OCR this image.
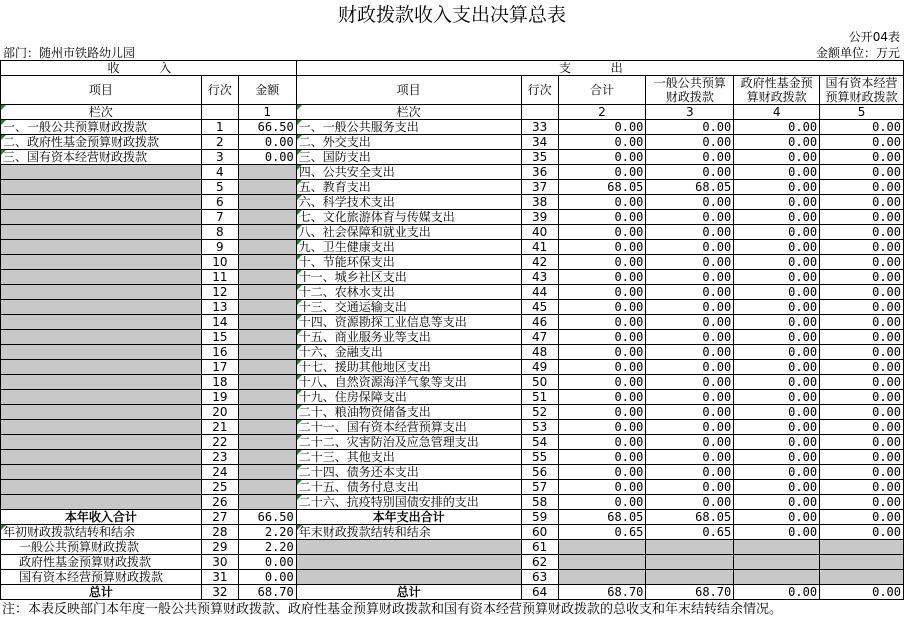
财政拨款收入支出决算总表
公开04表
部门：随州市铁路幼儿园	金额单位：万元
收 入			支 出					
项目	行次	金额	项目	行次	合计	一般公共预算财政拨款	政府性基金预算财政拨款	国有资本经营预算财政拨款
栏次		1	栏次		2	3	4	5
一、一般公共预算财政拨款	1	66.50	一、一般公共服务支出	33	0.00	0.00	0.00	0.00
二、政府性基金预算财政拨款	2	0.00	二、外交支出	34	0.00	0.00	0.00	0.00
三、国有资本经营财政拨款	3	0.00	三、国防支出	35	0.00	0.00	0.00	0.00
	4		四、公共安全支出	36	0.00	0.00	0.00	0.00
	5		五、教育支出	37	68.05	68.05	0.00	0.00
	6		六、科学技术支出	38	0.00	0.00	0.00	0.00
	7		七、文化旅游体育与传媒支出	39	0.00	0.00	0.00	0.00
	8		八、社会保障和就业支出	40	0.00	0.00	0.00	0.00
	9		九、卫生健康支出	41	0.00	0.00	0.00	0.00
	10		十、节能环保支出	42	0.00	0.00	0.00	0.00
	11		十一、城乡社区支出	43	0.00	0.00	0.00	0.00
	12		十二、农林水支出	44	0.00	0.00	0.00	0.00
	13		十三、交通运输支出	45	0.00	0.00	0.00	0.00
	14		十四、资源勘探工业信息等支出	46	0.00	0.00	0.00	0.00
	15		十五、商业服务业等支出	47	0.00	0.00	0.00	0.00
	16		十六、金融支出	48	0.00	0.00	0.00	0.00
	17		十七、援助其他地区支出	49	0.00	0.00	0.00	0.00
	18		十八、自然资源海洋气象等支出	50	0.00	0.00	0.00	0.00
	19		十九、住房保障支出	51	0.00	0.00	0.00	0.00
	20		二十、粮油物资储备支出	52	0.00	0.00	0.00	0.00
	21		二十一、国有资本经营预算支出	53	0.00	0.00	0.00	0.00
	22		二十二、灾害防治及应急管理支出	54	0.00	0.00	0.00	0.00
	23		二十三、其他支出	55	0.00	0.00	0.00	0.00
	24		二十四、债务还本支出	56	0.00	0.00	0.00	0.00
	25		二十五、债务付息支出	57	0.00	0.00	0.00	0.00
	26		二十六、抗疫特别国债安排的支出	58	0.00	0.00	0.00	0.00
本年收入合计	27	66.50	本年支出合计	59	68.05	68.05	0.00	0.00
年初财政拨款结转和结余	28	2.20	年末财政拨款结转和结余	60	0.65	0.65	0.00	0.00
一般公共预算财政拨款	29	2.20		61				
政府性基金预算财政拨款	30	0.00		62				
国有资本经营预算财政拨款	31	0.00		63				
总计	32	68.70	总计	64	68.70	68.70	0.00	0.00
注：本表反映部门本年度一般公共预算财政拨款、政府性基金预算财政拨款和国有资本经营预算财政拨款的总收支和年末结转结余情况。
